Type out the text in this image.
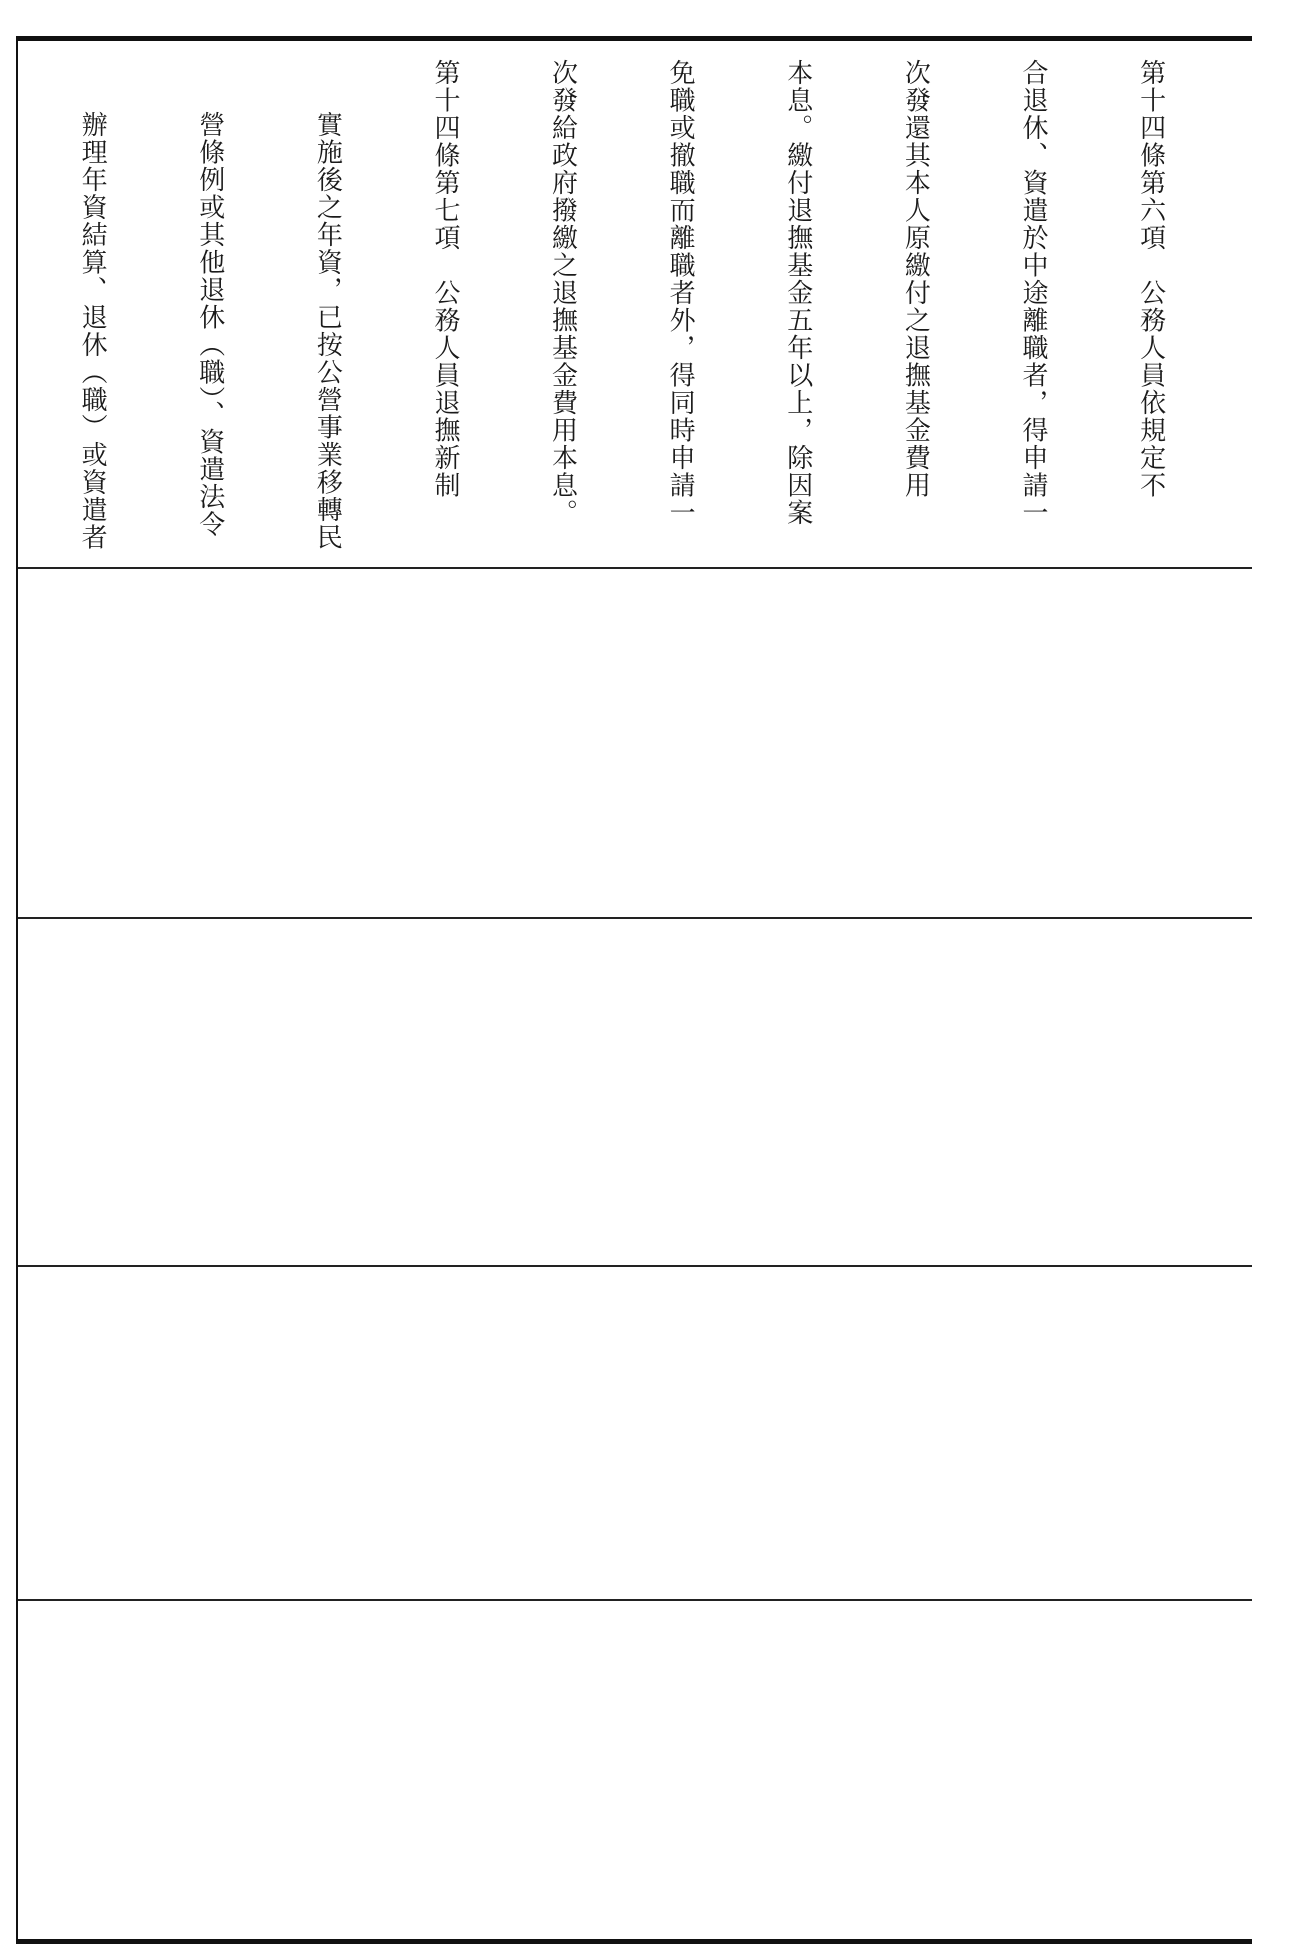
第十四條第六項　公務人員依規定不

合退休、資遣於中途離職者，得申請一

次發還其本人原繳付之退撫基金費用

本息。繳付退撫基金五年以上，除因案

免職或撤職而離職者外，得同時申請一

次發給政府撥繳之退撫基金費用本息。

第十四條第七項　公務人員退撫新制

實施後之年資，已按公營事業移轉民

營條例或其他退休（職）、資遣法令

辦理年資結算、退休（職）或資遣者
